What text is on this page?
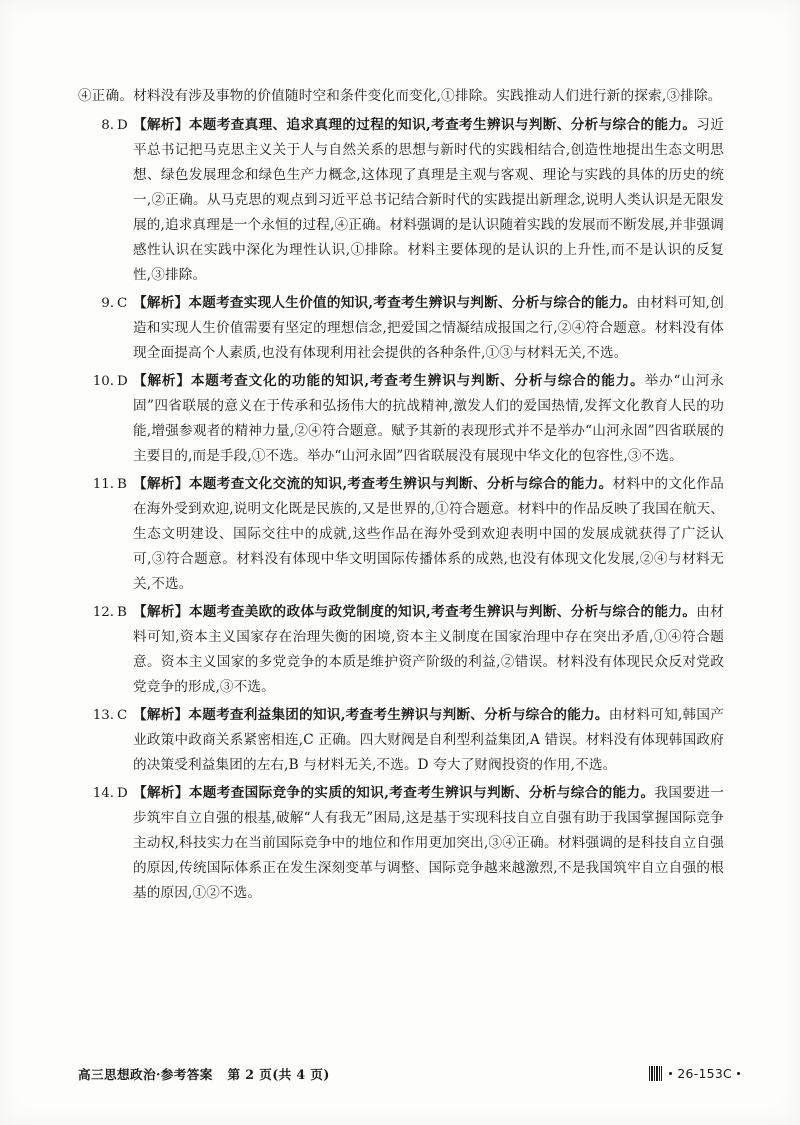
④正确。材料没有涉及事物的价值随时空和条件变化而变化,①排除。实践推动人们进行新的探索,③排除。

8. D 【解析】本题考查真理、追求真理的过程的知识,考查考生辨识与判断、分析与综合的能力。习近平总书记把马克思主义关于人与自然关系的思想与新时代的实践相结合,创造性地提出生态文明思想、绿色发展理念和绿色生产力概念,这体现了真理是主观与客观、理论与实践的具体的历史的统一,②正确。从马克思的观点到习近平总书记结合新时代的实践提出新理念,说明人类认识是无限发展的,追求真理是一个永恒的过程,④正确。材料强调的是认识随着实践的发展而不断发展,并非强调感性认识在实践中深化为理性认识,①排除。材料主要体现的是认识的上升性,而不是认识的反复性,③排除。
9. C 【解析】本题考查实现人生价值的知识,考查考生辨识与判断、分析与综合的能力。由材料可知,创造和实现人生价值需要有坚定的理想信念,把爱国之情凝结成报国之行,②④符合题意。材料没有体现全面提高个人素质,也没有体现利用社会提供的各种条件,①③与材料无关,不选。
10. D 【解析】本题考查文化的功能的知识,考查考生辨识与判断、分析与综合的能力。举办“山河永固”四省联展的意义在于传承和弘扬伟大的抗战精神,激发人们的爱国热情,发挥文化教育人民的功能,增强参观者的精神力量,②④符合题意。赋予其新的表现形式并不是举办“山河永固”四省联展的主要目的,而是手段,①不选。举办“山河永固”四省联展没有展现中华文化的包容性,③不选。
11. B 【解析】本题考查文化交流的知识,考查考生辨识与判断、分析与综合的能力。材料中的文化作品在海外受到欢迎,说明文化既是民族的,又是世界的,①符合题意。材料中的作品反映了我国在航天、生态文明建设、国际交往中的成就,这些作品在海外受到欢迎表明中国的发展成就获得了广泛认可,③符合题意。材料没有体现中华文明国际传播体系的成熟,也没有体现文化发展,②④与材料无关,不选。
12. B 【解析】本题考查美欧的政体与政党制度的知识,考查考生辨识与判断、分析与综合的能力。由材料可知,资本主义国家存在治理失衡的困境,资本主义制度在国家治理中存在突出矛盾,①④符合题意。资本主义国家的多党竞争的本质是维护资产阶级的利益,②错误。材料没有体现民众反对党政党竞争的形成,③不选。
13. C 【解析】本题考查利益集团的知识,考查考生辨识与判断、分析与综合的能力。由材料可知,韩国产业政策中政商关系紧密相连,C 正确。四大财阀是自利型利益集团,A 错误。材料没有体现韩国政府的决策受利益集团的左右,B 与材料无关,不选。D 夸大了财阀投资的作用,不选。
14. D 【解析】本题考查国际竞争的实质的知识,考查考生辨识与判断、分析与综合的能力。我国要进一步筑牢自立自强的根基,破解“人有我无”困局,这是基于实现科技自立自强有助于我国掌握国际竞争主动权,科技实力在当前国际竞争中的地位和作用更加突出,③④正确。材料强调的是科技自立自强的原因,传统国际体系正在发生深刻变革与调整、国际竞争越来越激烈,不是我国筑牢自立自强的根基的原因,①②不选。
高三思想政治·参考答案 第 2 页(共 4 页)	26-153C
